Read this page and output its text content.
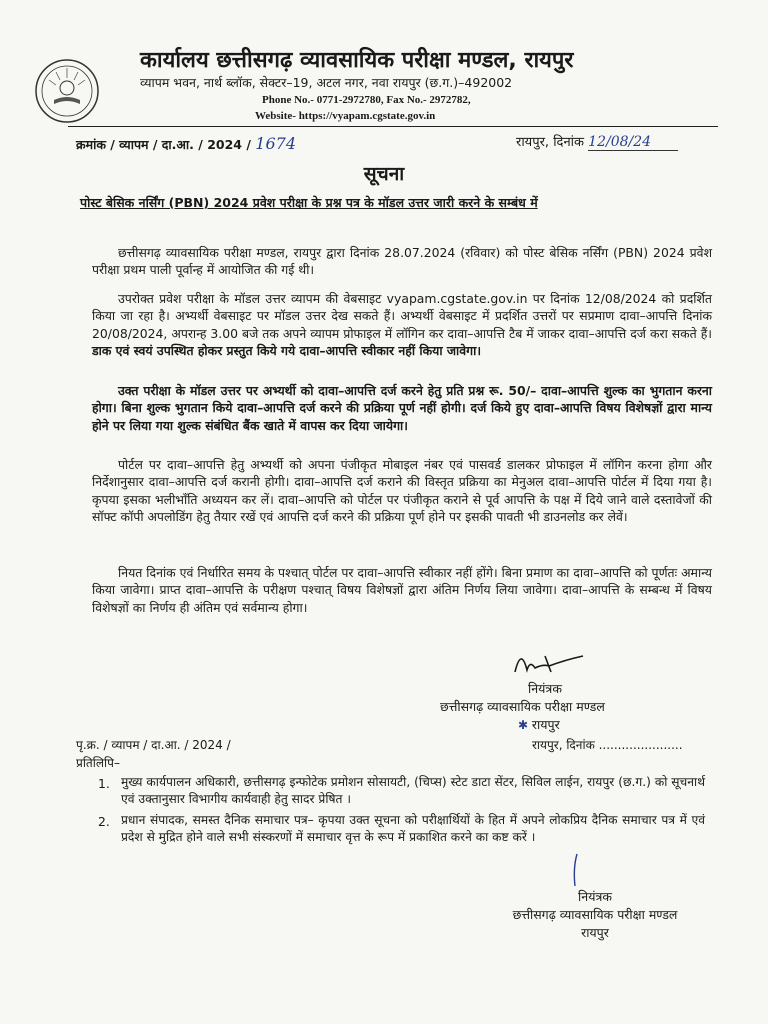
कार्यालय छत्तीसगढ़ व्यावसायिक परीक्षा मण्डल, रायपुर
व्यापम भवन, नार्थ ब्लॉक, सेक्टर–19, अटल नगर, नवा रायपुर (छ.ग.)–492002
Phone No.- 0771-2972780, Fax No.- 2972782,
Website- https://vyapam.cgstate.gov.in
क्रमांक / व्यापम / दा.आ. / 2024 / 1674	रायपुर, दिनांक 12/08/24
सूचना
पोस्ट बेसिक नर्सिंग (PBN) 2024 प्रवेश परीक्षा के प्रश्न पत्र के मॉडल उत्तर जारी करने के सम्बंध में
छत्तीसगढ़ व्यावसायिक परीक्षा मण्डल, रायपुर द्वारा दिनांक 28.07.2024 (रविवार) को पोस्ट बेसिक नर्सिंग (PBN) 2024 प्रवेश परीक्षा प्रथम पाली पूर्वान्ह में आयोजित की गई थी।
उपरोक्त प्रवेश परीक्षा के मॉडल उत्तर व्यापम की वेबसाइट vyapam.cgstate.gov.in पर दिनांक 12/08/2024 को प्रदर्शित किया जा रहा है। अभ्यर्थी वेबसाइट पर मॉडल उत्तर देख सकते हैं। अभ्यर्थी वेबसाइट में प्रदर्शित उत्तरों पर सप्रमाण दावा–आपत्ति दिनांक 20/08/2024, अपरान्ह 3.00 बजे तक अपने व्यापम प्रोफाइल में लॉगिन कर दावा–आपत्ति टैब में जाकर दावा–आपत्ति दर्ज करा सकते हैं। डाक एवं स्वयं उपस्थित होकर प्रस्तुत किये गये दावा–आपत्ति स्वीकार नहीं किया जावेगा।
उक्त परीक्षा के मॉडल उत्तर पर अभ्यर्थी को दावा–आपत्ति दर्ज करने हेतु प्रति प्रश्न रू. 50/– दावा–आपत्ति शुल्क का भुगतान करना होगा। बिना शुल्क भुगतान किये दावा–आपत्ति दर्ज करने की प्रक्रिया पूर्ण नहीं होगी। दर्ज किये हुए दावा–आपत्ति विषय विशेषज्ञों द्वारा मान्य होने पर लिया गया शुल्क संबंधित बैंक खाते में वापस कर दिया जायेगा।
पोर्टल पर दावा–आपत्ति हेतु अभ्यर्थी को अपना पंजीकृत मोबाइल नंबर एवं पासवर्ड डालकर प्रोफाइल में लॉगिन करना होगा और निर्देशानुसार दावा–आपत्ति दर्ज करानी होगी। दावा–आपत्ति दर्ज कराने की विस्तृत प्रक्रिया का मेनुअल दावा–आपत्ति पोर्टल में दिया गया है। कृपया इसका भलीभाँति अध्ययन कर लें। दावा–आपत्ति को पोर्टल पर पंजीकृत कराने से पूर्व आपत्ति के पक्ष में दिये जाने वाले दस्तावेजों की सॉफ्ट कॉपी अपलोडिंग हेतु तैयार रखें एवं आपत्ति दर्ज करने की प्रक्रिया पूर्ण होने पर इसकी पावती भी डाउनलोड कर लेवें।
नियत दिनांक एवं निर्धारित समय के पश्चात् पोर्टल पर दावा–आपत्ति स्वीकार नहीं होंगे। बिना प्रमाण का दावा–आपत्ति को पूर्णतः अमान्य किया जावेगा। प्राप्त दावा–आपत्ति के परीक्षण पश्चात् विषय विशेषज्ञों द्वारा अंतिम निर्णय लिया जावेगा। दावा–आपत्ति के सम्बन्ध में विषय विशेषज्ञों का निर्णय ही अंतिम एवं सर्वमान्य होगा।
नियंत्रक
छत्तीसगढ़ व्यावसायिक परीक्षा मण्डल
✱ रायपुर
पृ.क्र. / व्यापम / दा.आ. / 2024 /	रायपुर, दिनांक ......................
प्रतिलिपि–
1. मुख्य कार्यपालन अधिकारी, छत्तीसगढ़ इन्फोटेक प्रमोशन सोसायटी, (चिप्स) स्टेट डाटा सेंटर, सिविल लाईन, रायपुर (छ.ग.) को सूचनार्थ एवं उक्तानुसार विभागीय कार्यवाही हेतु सादर प्रेषित ।
2. प्रधान संपादक, समस्त दैनिक समाचार पत्र– कृपया उक्त सूचना को परीक्षार्थियों के हित में अपने लोकप्रिय दैनिक समाचार पत्र में एवं प्रदेश से मुद्रित होने वाले सभी संस्करणों में समाचार वृत्त के रूप में प्रकाशित करने का कष्ट करें ।
नियंत्रक
छत्तीसगढ़ व्यावसायिक परीक्षा मण्डल
रायपुर
